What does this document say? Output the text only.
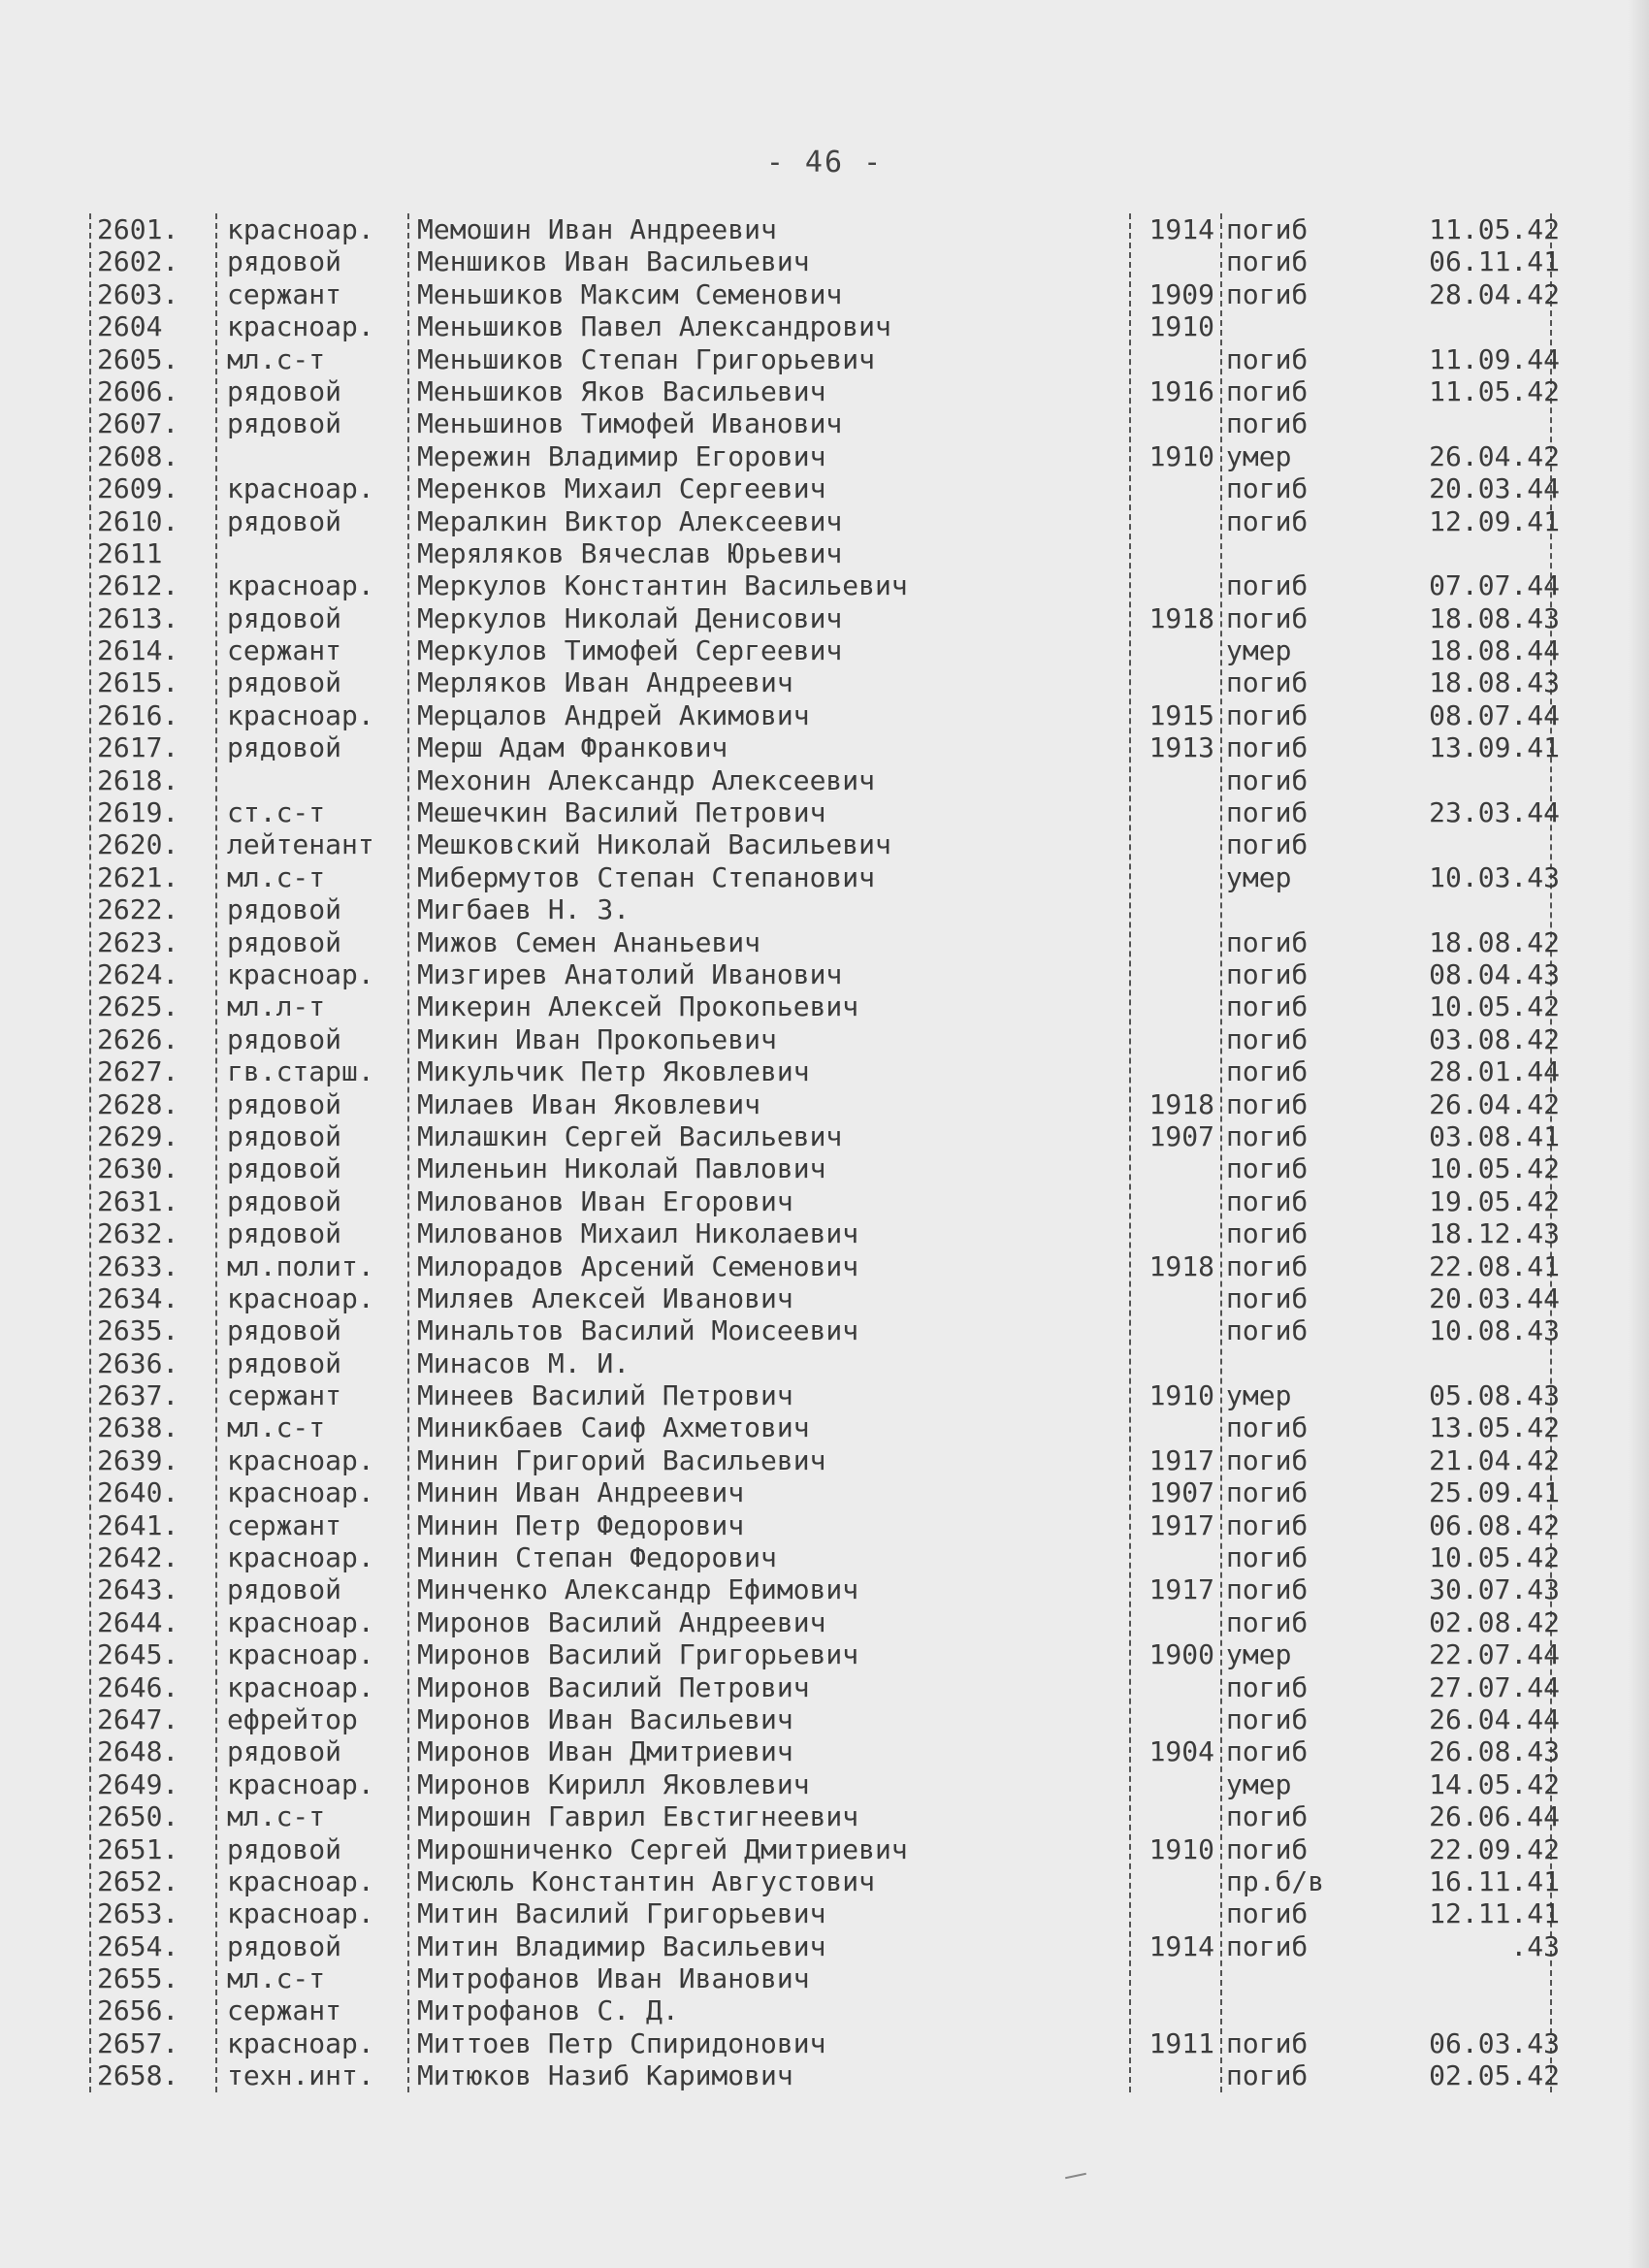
- 46 -
2601.	красноар.	Мемошин Иван Андреевич	1914 погиб	11.05.42
2602.	рядовой	Меншиков Иван Васильевич	погиб	06.11.41
2603.	сержант	Меньшиков Максим Семенович	1909 погиб	28.04.42
2604	красноар.	Меньшиков Павел Александрович	1910
2605.	мл.с-т	Меньшиков Степан Григорьевич	погиб	11.09.44
2606.	рядовой	Меньшиков Яков Васильевич	1916 погиб	11.05.42
2607.	рядовой	Меньшинов Тимофей Иванович	погиб
2608.	Мережин Владимир Егорович	1910 умер	26.04.42
2609.	красноар.	Меренков Михаил Сергеевич	погиб	20.03.44
2610.	рядовой	Мералкин Виктор Алексеевич	погиб	12.09.41
2611	Меряляков Вячеслав Юрьевич
2612.	красноар.	Меркулов Константин Васильевич	погиб	07.07.44
2613.	рядовой	Меркулов Николай Денисович	1918 погиб	18.08.43
2614.	сержант	Меркулов Тимофей Сергеевич	умер	18.08.44
2615.	рядовой	Мерляков Иван Андреевич	погиб	18.08.43
2616.	красноар.	Мерцалов Андрей Акимович	1915 погиб	08.07.44
2617.	рядовой	Мерш Адам Франкович	1913 погиб	13.09.41
2618.	Мехонин Александр Алексеевич	погиб
2619.	ст.с-т	Мешечкин Василий Петрович	погиб	23.03.44
2620.	лейтенант	Мешковский Николай Васильевич	погиб
2621.	мл.с-т	Мибермутов Степан Степанович	умер	10.03.43
2622.	рядовой	Мигбаев Н. З.
2623.	рядовой	Мижов Семен Ананьевич	погиб	18.08.42
2624.	красноар.	Мизгирев Анатолий Иванович	погиб	08.04.43
2625.	мл.л-т	Микерин Алексей Прокопьевич	погиб	10.05.42
2626.	рядовой	Микин Иван Прокопьевич	погиб	03.08.42
2627.	гв.старш.	Микульчик Петр Яковлевич	погиб	28.01.44
2628.	рядовой	Милаев Иван Яковлевич	1918 погиб	26.04.42
2629.	рядовой	Милашкин Сергей Васильевич	1907 погиб	03.08.41
2630.	рядовой	Миленьин Николай Павлович	погиб	10.05.42
2631.	рядовой	Милованов Иван Егорович	погиб	19.05.42
2632.	рядовой	Милованов Михаил Николаевич	погиб	18.12.43
2633.	мл.полит.	Милорадов Арсений Семенович	1918 погиб	22.08.41
2634.	красноар.	Миляев Алексей Иванович	погиб	20.03.44
2635.	рядовой	Минальтов Василий Моисеевич	погиб	10.08.43
2636.	рядовой	Минасов М. И.
2637.	сержант	Минеев Василий Петрович	1910 умер	05.08.43
2638.	мл.с-т	Миникбаев Саиф Ахметович	погиб	13.05.42
2639.	красноар.	Минин Григорий Васильевич	1917 погиб	21.04.42
2640.	красноар.	Минин Иван Андреевич	1907 погиб	25.09.41
2641.	сержант	Минин Петр Федорович	1917 погиб	06.08.42
2642.	красноар.	Минин Степан Федорович	погиб	10.05.42
2643.	рядовой	Минченко Александр Ефимович	1917 погиб	30.07.43
2644.	красноар.	Миронов Василий Андреевич	погиб	02.08.42
2645.	красноар.	Миронов Василий Григорьевич	1900 умер	22.07.44
2646.	красноар.	Миронов Василий Петрович	погиб	27.07.44
2647.	ефрейтор	Миронов Иван Васильевич	погиб	26.04.44
2648.	рядовой	Миронов Иван Дмитриевич	1904 погиб	26.08.43
2649.	красноар.	Миронов Кирилл Яковлевич	умер	14.05.42
2650.	мл.с-т	Мирошин Гаврил Евстигнеевич	погиб	26.06.44
2651.	рядовой	Мирошниченко Сергей Дмитриевич	1910 погиб	22.09.42
2652.	красноар.	Мисюль Константин Августович	пр.б/в	16.11.41
2653.	красноар.	Митин Василий Григорьевич	погиб	12.11.41
2654.	рядовой	Митин Владимир Васильевич	1914 погиб	.43
2655.	мл.с-т	Митрофанов Иван Иванович
2656.	сержант	Митрофанов С. Д.
2657.	красноар.	Миттоев Петр Спиридонович	1911 погиб	06.03.43
2658.	техн.инт.	Митюков Назиб Каримович	погиб	02.05.42
